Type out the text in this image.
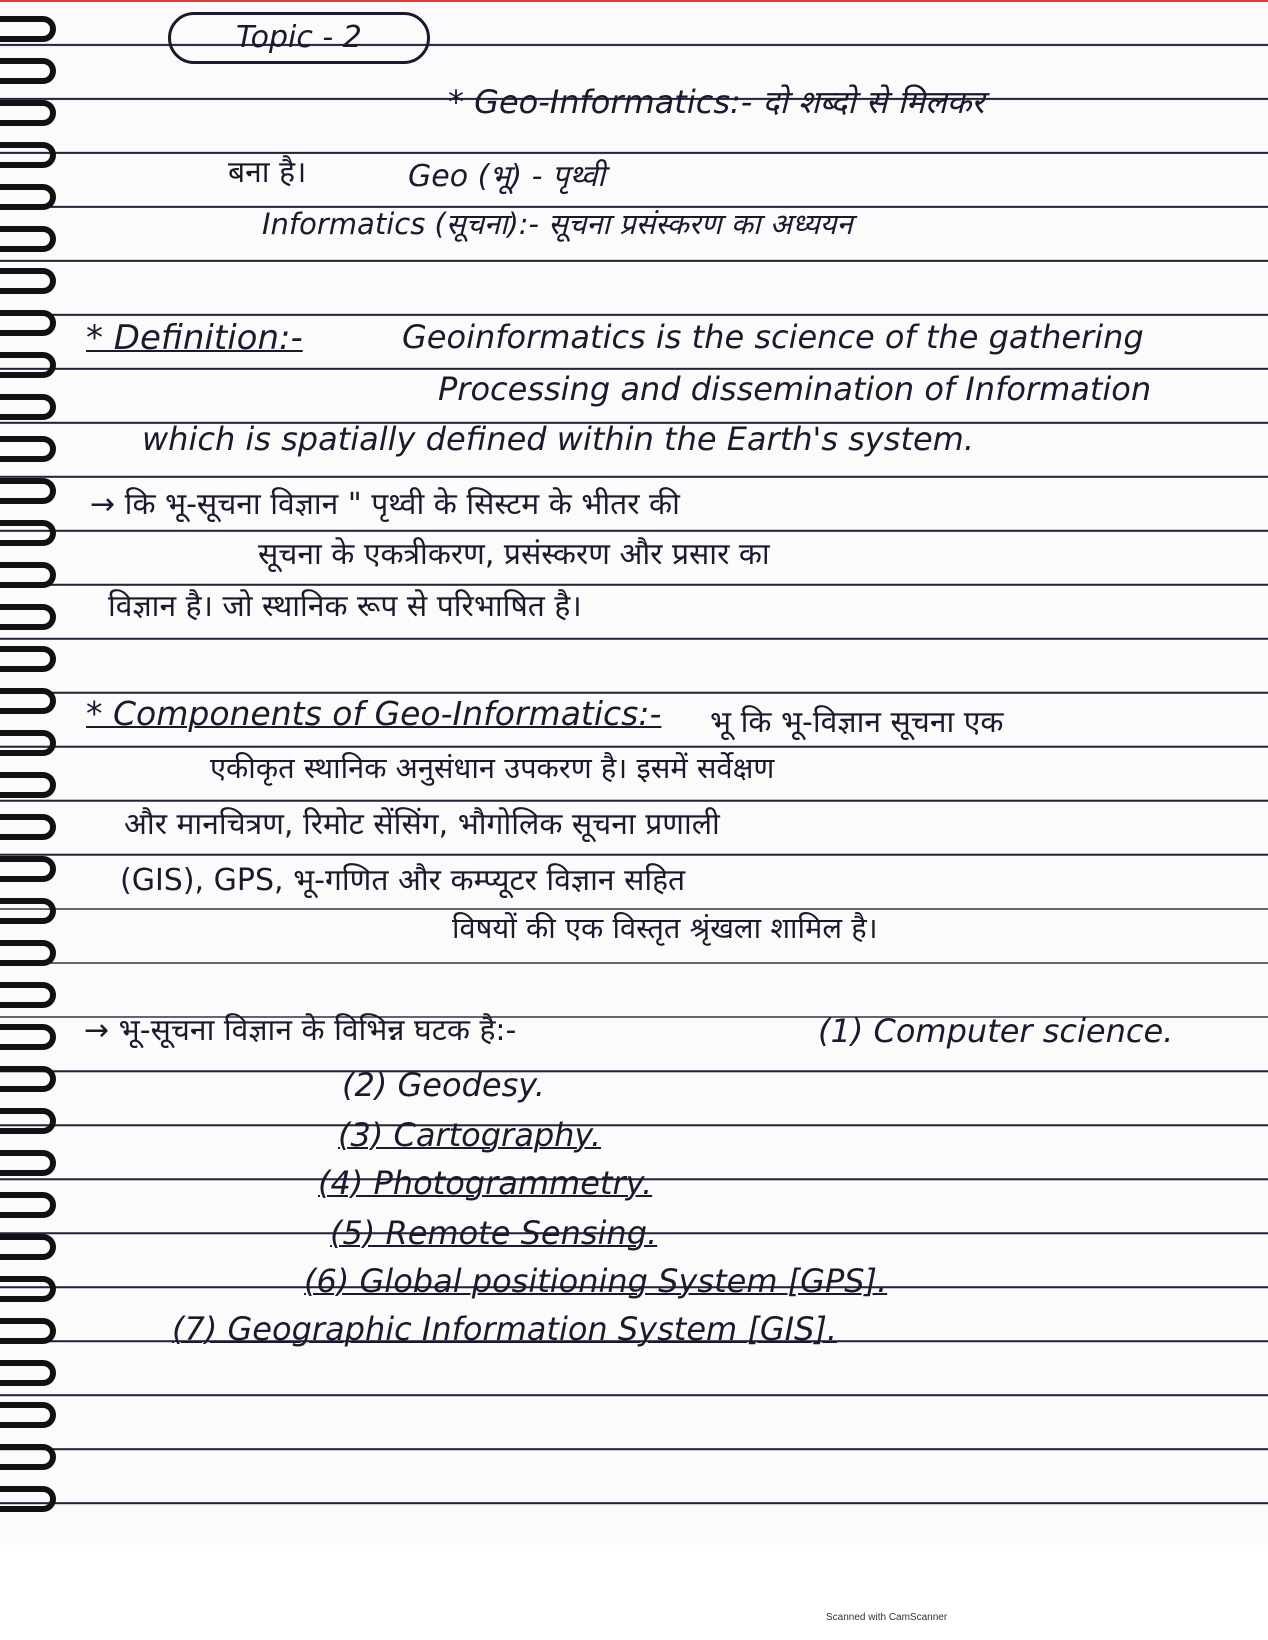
Topic - 2
* Geo-Informatics:- दो शब्दो से मिलकर
बना है।	Geo (भू) - पृथ्वी
Informatics (सूचना):- सूचना प्रसंस्करण का अध्ययन
* Definition:-	Geoinformatics is the science of the gathering
Processing and dissemination of Information
which is spatially defined within the Earth's system.
→ कि भू-सूचना विज्ञान " पृथ्वी के सिस्टम के भीतर की
सूचना के एकत्रीकरण, प्रसंस्करण और प्रसार का
विज्ञान है। जो स्थानिक रूप से परिभाषित है।
* Components of Geo-Informatics:- भू कि भू-विज्ञान सूचना एक
एकीकृत स्थानिक अनुसंधान उपकरण है। इसमें सर्वेक्षण
और मानचित्रण, रिमोट सेंसिंग, भौगोलिक सूचना प्रणाली
(GIS), GPS, भू-गणित और कम्प्यूटर विज्ञान सहित
विषयों की एक विस्तृत श्रृंखला शामिल है।
→ भू-सूचना विज्ञान के विभिन्न घटक है:-	(1) Computer science.
(2) Geodesy.
(3) Cartography.
(4) Photogrammetry.
(5) Remote Sensing.
(6) Global positioning System [GPS].
(7) Geographic Information System [GIS].
Scanned with CamScanner
